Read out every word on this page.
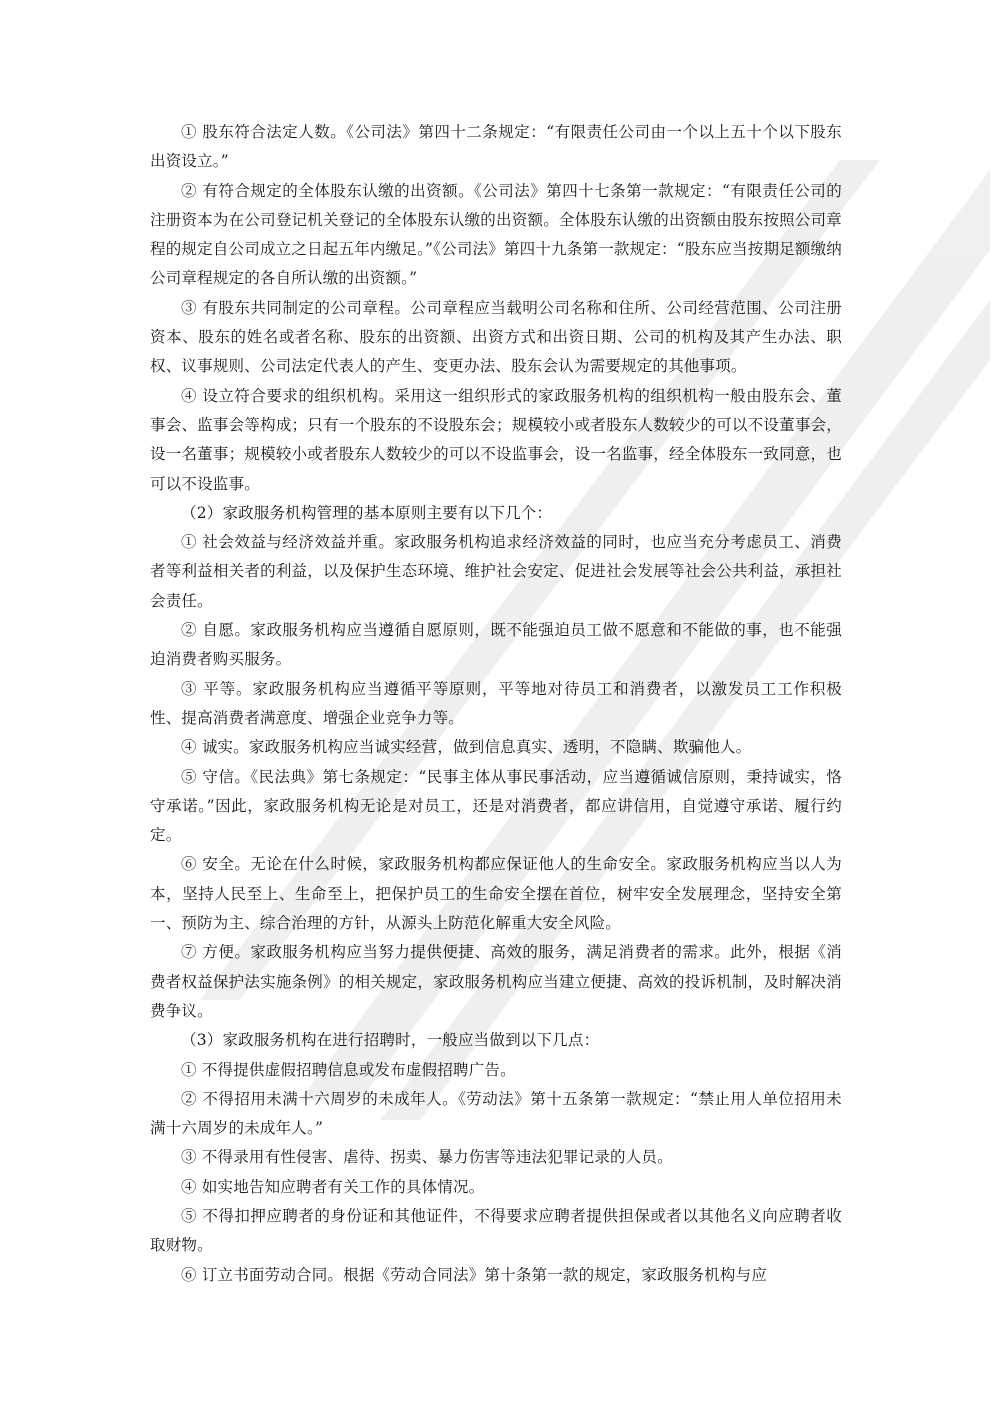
① 股东符合法定人数。《公司法》第四十二条规定：“有限责任公司由一个以上五十个以下股东出资设立。”

② 有符合规定的全体股东认缴的出资额。《公司法》第四十七条第一款规定：“有限责任公司的注册资本为在公司登记机关登记的全体股东认缴的出资额。全体股东认缴的出资额由股东按照公司章程的规定自公司成立之日起五年内缴足。”《公司法》第四十九条第一款规定：“股东应当按期足额缴纳公司章程规定的各自所认缴的出资额。”

③ 有股东共同制定的公司章程。公司章程应当载明公司名称和住所、公司经营范围、公司注册资本、股东的姓名或者名称、股东的出资额、出资方式和出资日期、公司的机构及其产生办法、职权、议事规则、公司法定代表人的产生、变更办法、股东会认为需要规定的其他事项。

④ 设立符合要求的组织机构。采用这一组织形式的家政服务机构的组织机构一般由股东会、董事会、监事会等构成；只有一个股东的不设股东会；规模较小或者股东人数较少的可以不设董事会，设一名董事；规模较小或者股东人数较少的可以不设监事会，设一名监事，经全体股东一致同意，也可以不设监事。

（2）家政服务机构管理的基本原则主要有以下几个：

① 社会效益与经济效益并重。家政服务机构追求经济效益的同时，也应当充分考虑员工、消费者等利益相关者的利益，以及保护生态环境、维护社会安定、促进社会发展等社会公共利益，承担社会责任。

② 自愿。家政服务机构应当遵循自愿原则，既不能强迫员工做不愿意和不能做的事，也不能强迫消费者购买服务。

③ 平等。家政服务机构应当遵循平等原则，平等地对待员工和消费者，以激发员工工作积极性、提高消费者满意度、增强企业竞争力等。

④ 诚实。家政服务机构应当诚实经营，做到信息真实、透明，不隐瞒、欺骗他人。

⑤ 守信。《民法典》第七条规定：“民事主体从事民事活动，应当遵循诚信原则，秉持诚实，恪守承诺。”因此，家政服务机构无论是对员工，还是对消费者，都应讲信用，自觉遵守承诺、履行约定。

⑥ 安全。无论在什么时候，家政服务机构都应保证他人的生命安全。家政服务机构应当以人为本，坚持人民至上、生命至上，把保护员工的生命安全摆在首位，树牢安全发展理念，坚持安全第一、预防为主、综合治理的方针，从源头上防范化解重大安全风险。

⑦ 方便。家政服务机构应当努力提供便捷、高效的服务，满足消费者的需求。此外，根据《消费者权益保护法实施条例》的相关规定，家政服务机构应当建立便捷、高效的投诉机制，及时解决消费争议。

（3）家政服务机构在进行招聘时，一般应当做到以下几点：

① 不得提供虚假招聘信息或发布虚假招聘广告。

② 不得招用未满十六周岁的未成年人。《劳动法》第十五条第一款规定：“禁止用人单位招用未满十六周岁的未成年人。”

③ 不得录用有性侵害、虐待、拐卖、暴力伤害等违法犯罪记录的人员。

④ 如实地告知应聘者有关工作的具体情况。

⑤ 不得扣押应聘者的身份证和其他证件，不得要求应聘者提供担保或者以其他名义向应聘者收取财物。

⑥ 订立书面劳动合同。根据《劳动合同法》第十条第一款的规定，家政服务机构与应
